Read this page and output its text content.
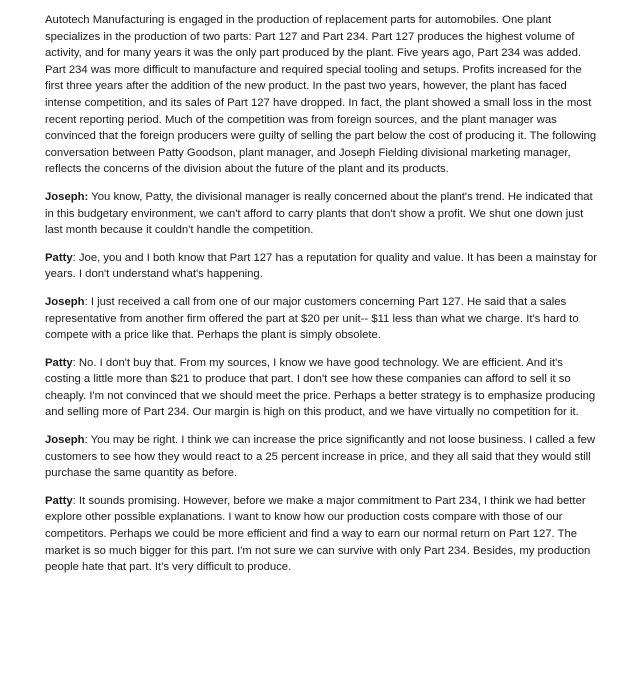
Autotech Manufacturing is engaged in the production of replacement parts for automobiles. One plant specializes in the production of two parts: Part 127 and Part 234. Part 127 produces the highest volume of activity, and for many years it was the only part produced by the plant. Five years ago, Part 234 was added. Part 234 was more difficult to manufacture and required special tooling and setups. Profits increased for the first three years after the addition of the new product. In the past two years, however, the plant has faced intense competition, and its sales of Part 127 have dropped. In fact, the plant showed a small loss in the most recent reporting period. Much of the competition was from foreign sources, and the plant manager was convinced that the foreign producers were guilty of selling the part below the cost of producing it. The following conversation between Patty Goodson, plant manager, and Joseph Fielding divisional marketing manager, reflects the concerns of the division about the future of the plant and its products.

Joseph: You know, Patty, the divisional manager is really concerned about the plant's trend. He indicated that in this budgetary environment, we can't afford to carry plants that don't show a profit. We shut one down just last month because it couldn't handle the competition.

Patty: Joe, you and I both know that Part 127 has a reputation for quality and value. It has been a mainstay for years. I don't understand what's happening.

Joseph: I just received a call from one of our major customers concerning Part 127. He said that a sales representative from another firm offered the part at $20 per unit-- $11 less than what we charge. It's hard to compete with a price like that. Perhaps the plant is simply obsolete.

Patty: No. I don't buy that. From my sources, I know we have good technology. We are efficient. And it's costing a little more than $21 to produce that part. I don't see how these companies can afford to sell it so cheaply. I'm not convinced that we should meet the price. Perhaps a better strategy is to emphasize producing and selling more of Part 234. Our margin is high on this product, and we have virtually no competition for it.

Joseph: You may be right. I think we can increase the price significantly and not loose business. I called a few customers to see how they would react to a 25 percent increase in price, and they all said that they would still purchase the same quantity as before.

Patty: It sounds promising. However, before we make a major commitment to Part 234, I think we had better explore other possible explanations. I want to know how our production costs compare with those of our competitors. Perhaps we could be more efficient and find a way to earn our normal return on Part 127. The market is so much bigger for this part. I'm not sure we can survive with only Part 234. Besides, my production people hate that part. It's very difficult to produce.
